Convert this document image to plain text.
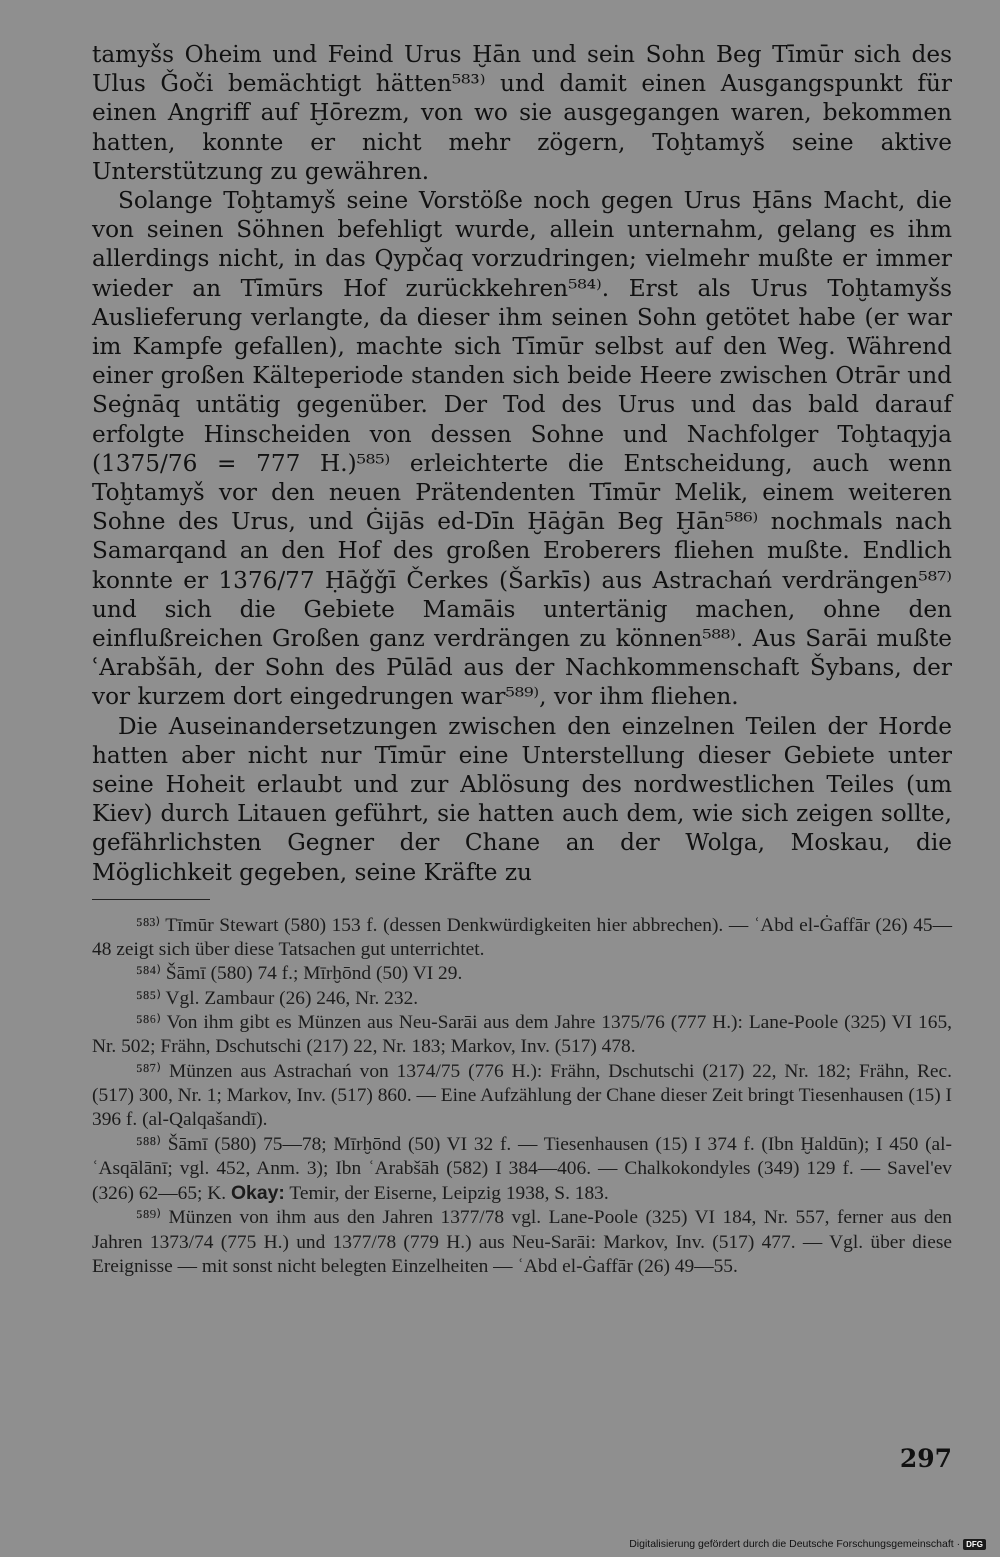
tamyšs Oheim und Feind Urus Ḫān und sein Sohn Beg Tīmūr sich des Ulus Ǧoči bemächtigt hätten⁵⁸³⁾ und damit einen Ausgangspunkt für einen Angriff auf Ḫōrezm, von wo sie ausgegangen waren, bekommen hatten, konnte er nicht mehr zögern, Toḫtamyš seine aktive Unterstützung zu gewähren.

Solange Toḫtamyš seine Vorstöße noch gegen Urus Ḫāns Macht, die von seinen Söhnen befehligt wurde, allein unternahm, gelang es ihm allerdings nicht, in das Qypčaq vorzudringen; vielmehr mußte er immer wieder an Tīmūrs Hof zurückkehren⁵⁸⁴⁾. Erst als Urus Toḫtamyšs Auslieferung verlangte, da dieser ihm seinen Sohn getötet habe (er war im Kampfe gefallen), machte sich Tīmūr selbst auf den Weg. Während einer großen Kälteperiode standen sich beide Heere zwischen Otrār und Seġnāq untätig gegenüber. Der Tod des Urus und das bald darauf erfolgte Hinscheiden von dessen Sohne und Nachfolger Toḫtaqyja (1375/76 = 777 H.)⁵⁸⁵⁾ erleichterte die Entscheidung, auch wenn Toḫtamyš vor den neuen Prätendenten Tīmūr Melik, einem weiteren Sohne des Urus, und Ġijās ed-Dīn Ḫāġān Beg Ḫān⁵⁸⁶⁾ nochmals nach Samarqand an den Hof des großen Eroberers fliehen mußte. Endlich konnte er 1376/77 Ḥāǧǧī Čerkes (Šarkīs) aus Astrachań verdrängen⁵⁸⁷⁾ und sich die Gebiete Mamāis untertänig machen, ohne den einflußreichen Großen ganz verdrängen zu können⁵⁸⁸⁾. Aus Sarāi mußte ʿArabšāh, der Sohn des Pūlād aus der Nachkommenschaft Šybans, der vor kurzem dort eingedrungen war⁵⁸⁹⁾, vor ihm fliehen.

Die Auseinandersetzungen zwischen den einzelnen Teilen der Horde hatten aber nicht nur Tīmūr eine Unterstellung dieser Gebiete unter seine Hoheit erlaubt und zur Ablösung des nordwestlichen Teiles (um Kiev) durch Litauen geführt, sie hatten auch dem, wie sich zeigen sollte, gefährlichsten Gegner der Chane an der Wolga, Moskau, die Möglichkeit gegeben, seine Kräfte zu

⁵⁸³⁾ Tīmūr Stewart (580) 153 f. (dessen Denkwürdigkeiten hier abbrechen). — ʿAbd el-Ġaffār (26) 45—48 zeigt sich über diese Tatsachen gut unterrichtet.

⁵⁸⁴⁾ Šāmī (580) 74 f.; Mīrḫōnd (50) VI 29.

⁵⁸⁵⁾ Vgl. Zambaur (26) 246, Nr. 232.

⁵⁸⁶⁾ Von ihm gibt es Münzen aus Neu-Sarāi aus dem Jahre 1375/76 (777 H.): Lane-Poole (325) VI 165, Nr. 502; Frähn, Dschutschi (217) 22, Nr. 183; Markov, Inv. (517) 478.

⁵⁸⁷⁾ Münzen aus Astrachań von 1374/75 (776 H.): Frähn, Dschutschi (217) 22, Nr. 182; Frähn, Rec. (517) 300, Nr. 1; Markov, Inv. (517) 860. — Eine Aufzählung der Chane dieser Zeit bringt Tiesenhausen (15) I 396 f. (al-Qalqašandī).

⁵⁸⁸⁾ Šāmī (580) 75—78; Mīrḫōnd (50) VI 32 f. — Tiesenhausen (15) I 374 f. (Ibn Ḫaldūn); I 450 (al-ʿAsqālānī; vgl. 452, Anm. 3); Ibn ʿArabšāh (582) I 384—406. — Chalkokondyles (349) 129 f. — Savel'ev (326) 62—65; K. Okay: Temir, der Eiserne, Leipzig 1938, S. 183.

⁵⁸⁹⁾ Münzen von ihm aus den Jahren 1377/78 vgl. Lane-Poole (325) VI 184, Nr. 557, ferner aus den Jahren 1373/74 (775 H.) und 1377/78 (779 H.) aus Neu-Sarāi: Markov, Inv. (517) 477. — Vgl. über diese Ereignisse — mit sonst nicht belegten Einzelheiten — ʿAbd el-Ġaffār (26) 49—55.

297
Digitalisierung gefördert durch die Deutsche Forschungsgemeinschaft · DFG
